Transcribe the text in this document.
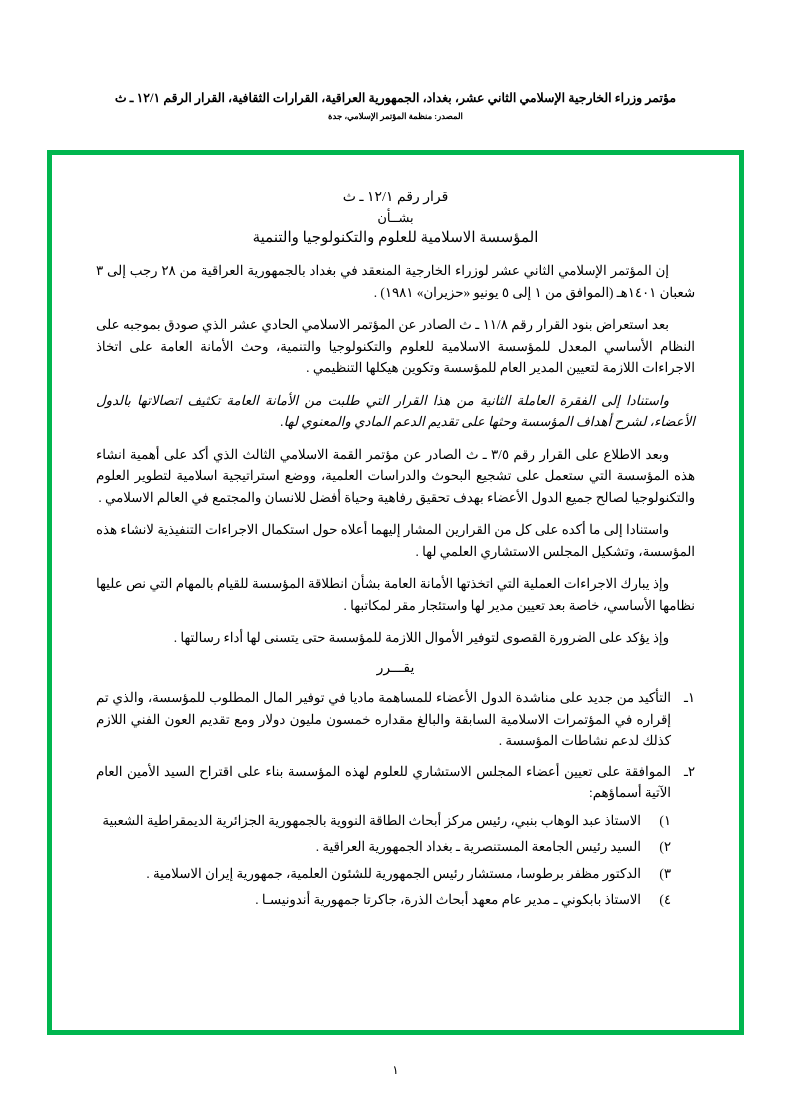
مؤتمر وزراء الخارجية الإسلامي الثاني عشر، بغداد، الجمهورية العراقية، القرارات الثقافية، القرار الرقم ١٢/١ ـ ث
المصدر: منظمة المؤتمر الإسلامي، جدة
قرار رقم ١٢/١ ـ ث
بشــأن
المؤسسة الاسلامية للعلوم والتكنولوجيا والتنمية

إن المؤتمر الإسلامي الثاني عشر لوزراء الخارجية المنعقد في بغداد بالجمهورية العراقية من ٢٨ رجب إلى ٣ شعبان ١٤٠١هـ (الموافق من ١ إلى ٥ يونيو «حزيران» ١٩٨١) .

بعد استعراض بنود القرار رقم ١١/٨ ـ ث الصادر عن المؤتمر الاسلامي الحادي عشر الذي صودق بموجبه على النظام الأساسي المعدل للمؤسسة الاسلامية للعلوم والتكنولوجيا والتنمية، وحث الأمانة العامة على اتخاذ الاجراءات اللازمة لتعيين المدير العام للمؤسسة وتكوين هيكلها التنظيمي .

واستنادا إلى الفقرة العاملة الثانية من هذا القرار التي طلبت من الأمانة العامة تكثيف اتصالاتها بالدول الأعضاء، لشرح أهداف المؤسسة وحثها على تقديم الدعم المادي والمعنوي لها.

وبعد الاطلاع على القرار رقم ٣/٥ ـ ث الصادر عن مؤتمر القمة الاسلامي الثالث الذي أكد على أهمية انشاء هذه المؤسسة التي ستعمل على تشجيع البحوث والدراسات العلمية، ووضع استراتيجية اسلامية لتطوير العلوم والتكنولوجيا لصالح جميع الدول الأعضاء بهدف تحقيق رفاهية وحياة أفضل للانسان والمجتمع في العالم الاسلامي .

واستنادا إلى ما أكده على كل من القرارين المشار إليهما أعلاه حول استكمال الاجراءات التنفيذية لانشاء هذه المؤسسة، وتشكيل المجلس الاستشاري العلمي لها .

وإذ يبارك الاجراءات العملية التي اتخذتها الأمانة العامة بشأن انطلاقة المؤسسة للقيام بالمهام التي نص عليها نظامها الأساسي، خاصة بعد تعيين مدير لها واستئجار مقر لمكاتبها .

وإذ يؤكد على الضرورة القصوى لتوفير الأموال اللازمة للمؤسسة حتى يتسنى لها أداء رسالتها .

يقـــرر
١ـ
التأكيد من جديد على مناشدة الدول الأعضاء للمساهمة ماديا في توفير المال المطلوب للمؤسسة، والذي تم إقراره في المؤتمرات الاسلامية السابقة والبالغ مقداره خمسون مليون دولار ومع تقديم العون الفني اللازم كذلك لدعم نشاطات المؤسسة .
٢ـ
الموافقة على تعيين أعضاء المجلس الاستشاري للعلوم لهذه المؤسسة بناء على اقتراح السيد الأمين العام الآتية أسماؤهم:
١)
الاستاذ عبد الوهاب بنبي، رئيس مركز أبحاث الطاقة النووية بالجمهورية الجزائرية الديمقراطية الشعبية
٢)
السيد رئيس الجامعة المستنصرية ـ بغداد الجمهورية العراقية .
٣)
الدكتور مظفر برطوسا، مستشار رئيس الجمهورية للشئون العلمية، جمهورية إيران الاسلامية .
٤)
الاستاذ بابكوني ـ مدير عام معهد أبحاث الذرة، جاكرتا جمهورية أندونيسـا .
١
